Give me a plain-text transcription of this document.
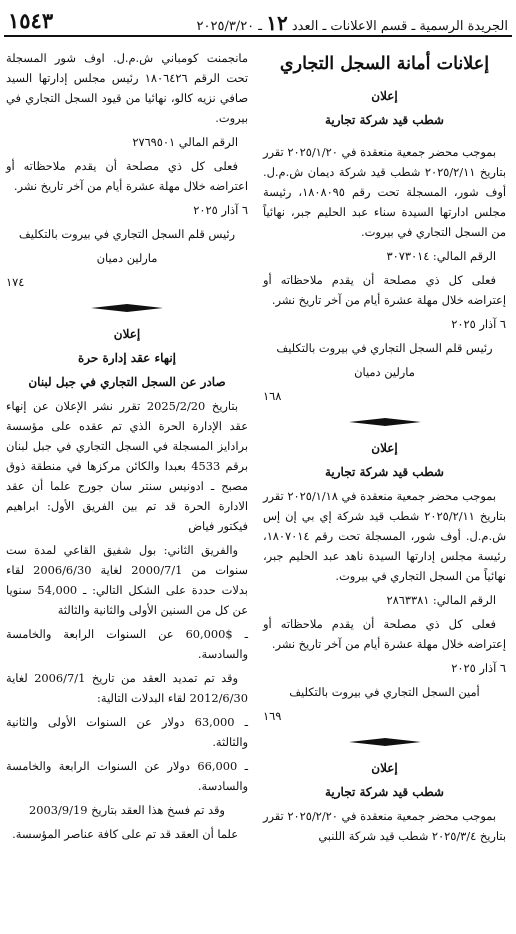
١٥٤٣	الجريدة الرسمية ـ قسم الاعلانات ـ العدد ١٢ ـ ٢٠٢٥/٣/٢٠

إعلانات أمانة السجل التجاري

إعلان

شطب قيد شركة تجارية

بموجب محضر جمعية منعقدة في ٢٠٢٥/١/٢٠ تقرر بتاريخ ٢٠٢٥/٢/١١ شطب قيد شركة ديمان ش.م.ل. أوف شور، المسجلة تحت رقم ١٨٠٨٠٩٥، رئيسة مجلس ادارتها السيدة سناء عبد الحليم جبر، نهائياً من السجل التجاري في بيروت.

الرقم المالي: ٣٠٧٣٠١٤

فعلى كل ذي مصلحة أن يقدم ملاحظاته أو إعتراضه خلال مهلة عشرة أيام من آخر تاريخ نشر.

٦ آذار ٢٠٢٥

رئيس قلم السجل التجاري في بيروت بالتكليف

مارلين دميان

١٦٨

إعلان

شطب قيد شركة تجارية

بموجب محضر جمعية منعقدة في ٢٠٢٥/١/١٨ تقرر بتاريخ ٢٠٢٥/٢/١١ شطب قيد شركة إي بي إن إس ش.م.ل. أوف شور، المسجلة تحت رقم ١٨٠٧٠١٤، رئيسة مجلس إدارتها السيدة ناهد عبد الحليم جبر، نهائياً من السجل التجاري في بيروت.

الرقم المالي: ٢٨٦٣٣٨١

فعلى كل ذي مصلحة أن يقدم ملاحظاته أو إعتراضه خلال مهلة عشرة أيام من آخر تاريخ نشر.

٦ آذار ٢٠٢٥

أمين السجل التجاري في بيروت بالتكليف

١٦٩

إعلان

شطب قيد شركة تجارية

بموجب محضر جمعية منعقدة في ٢٠٢٥/٢/٢٠ تقرر بتاريخ ٢٠٢٥/٣/٤ شطب قيد شركة اللنبي

مانجمنت كومباني ش.م.ل. اوف شور المسجلة تحت الرقم ١٨٠٦٤٢٦ رئيس مجلس إدارتها السيد صافي نزيه كالو، نهائيا من قيود السجل التجاري في بيروت.

الرقم المالي ٢٧٦٩٥٠١

فعلى كل ذي مصلحة أن يقدم ملاحظاته أو اعتراضه خلال مهلة عشرة أيام من آخر تاريخ نشر.

٦ آذار ٢٠٢٥

رئيس قلم السجل التجاري في بيروت بالتكليف

مارلين دميان

١٧٤

إعلان

إنهاء عقد إدارة حرة

صادر عن السجل التجاري في جبل لبنان

بتاريخ 2025/2/20 تقرر نشر الإعلان عن إنهاء عقد الإدارة الحرة الذي تم عقده على مؤسسة برادايز المسجلة في السجل التجاري في جبل لبنان برقم 4533 بعبدا والكائن مركزها في منطقة ذوق مصبح ـ ادونيس سنتر سان جورج علما أن عقد الادارة الحرة قد تم بين الفريق الأول: ابراهيم فيكتور فياض

والفريق الثاني: بول شفيق القاعي لمدة ست سنوات من 2000/7/1 لغاية 2006/6/30 لقاء بدلات حددة على الشكل التالي: ـ 54,000 سنويا عن كل من السنين الأولى والثانية والثالثة

ـ $60,000 عن السنوات الرابعة والخامسة والسادسة.

وقد تم تمديد العقد من تاريخ 2006/7/1 لغاية 2012/6/30 لقاء البدلات التالية:

ـ 63,000 دولار عن السنوات الأولى والثانية والثالثة.

ـ 66,000 دولار عن السنوات الرابعة والخامسة والسادسة.

وقد تم فسخ هذا العقد بتاريخ 2003/9/19

علما أن العقد قد تم على كافة عناصر المؤسسة.
